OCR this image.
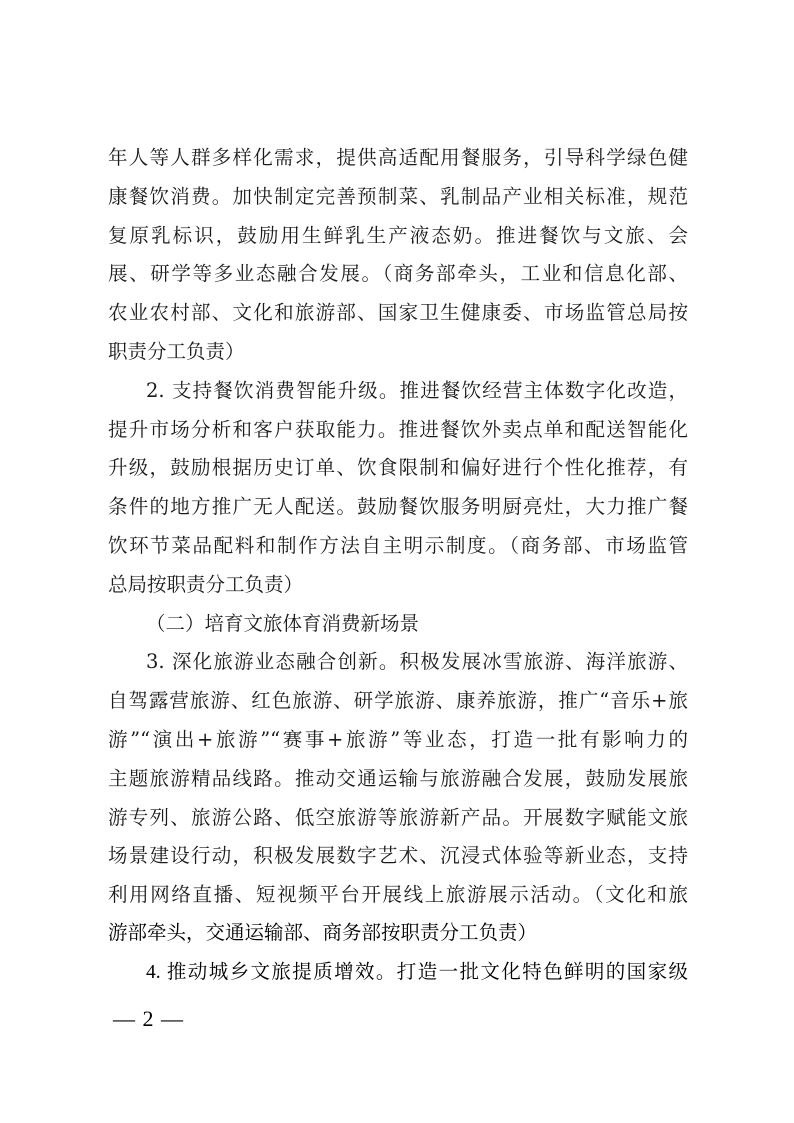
年人等人群多样化需求，提供高适配用餐服务，引导科学绿色健
康餐饮消费。加快制定完善预制菜、乳制品产业相关标准，规范
复原乳标识，鼓励用生鲜乳生产液态奶。推进餐饮与文旅、会
展、研学等多业态融合发展。（商务部牵头，工业和信息化部、
农业农村部、文化和旅游部、国家卫生健康委、市场监管总局按
职责分工负责）
2. 支持餐饮消费智能升级。推进餐饮经营主体数字化改造，
提升市场分析和客户获取能力。推进餐饮外卖点单和配送智能化
升级，鼓励根据历史订单、饮食限制和偏好进行个性化推荐，有
条件的地方推广无人配送。鼓励餐饮服务明厨亮灶，大力推广餐
饮环节菜品配料和制作方法自主明示制度。（商务部、市场监管
总局按职责分工负责）
（二）培育文旅体育消费新场景
3. 深化旅游业态融合创新。积极发展冰雪旅游、海洋旅游、
自驾露营旅游、红色旅游、研学旅游、康养旅游，推广“音乐+旅
游”“演出+旅游”“赛事+旅游”等业态，打造一批有影响力的
主题旅游精品线路。推动交通运输与旅游融合发展，鼓励发展旅
游专列、旅游公路、低空旅游等旅游新产品。开展数字赋能文旅
场景建设行动，积极发展数字艺术、沉浸式体验等新业态，支持
利用网络直播、短视频平台开展线上旅游展示活动。（文化和旅
游部牵头，交通运输部、商务部按职责分工负责）
4. 推动城乡文旅提质增效。打造一批文化特色鲜明的国家级
— 2 —
